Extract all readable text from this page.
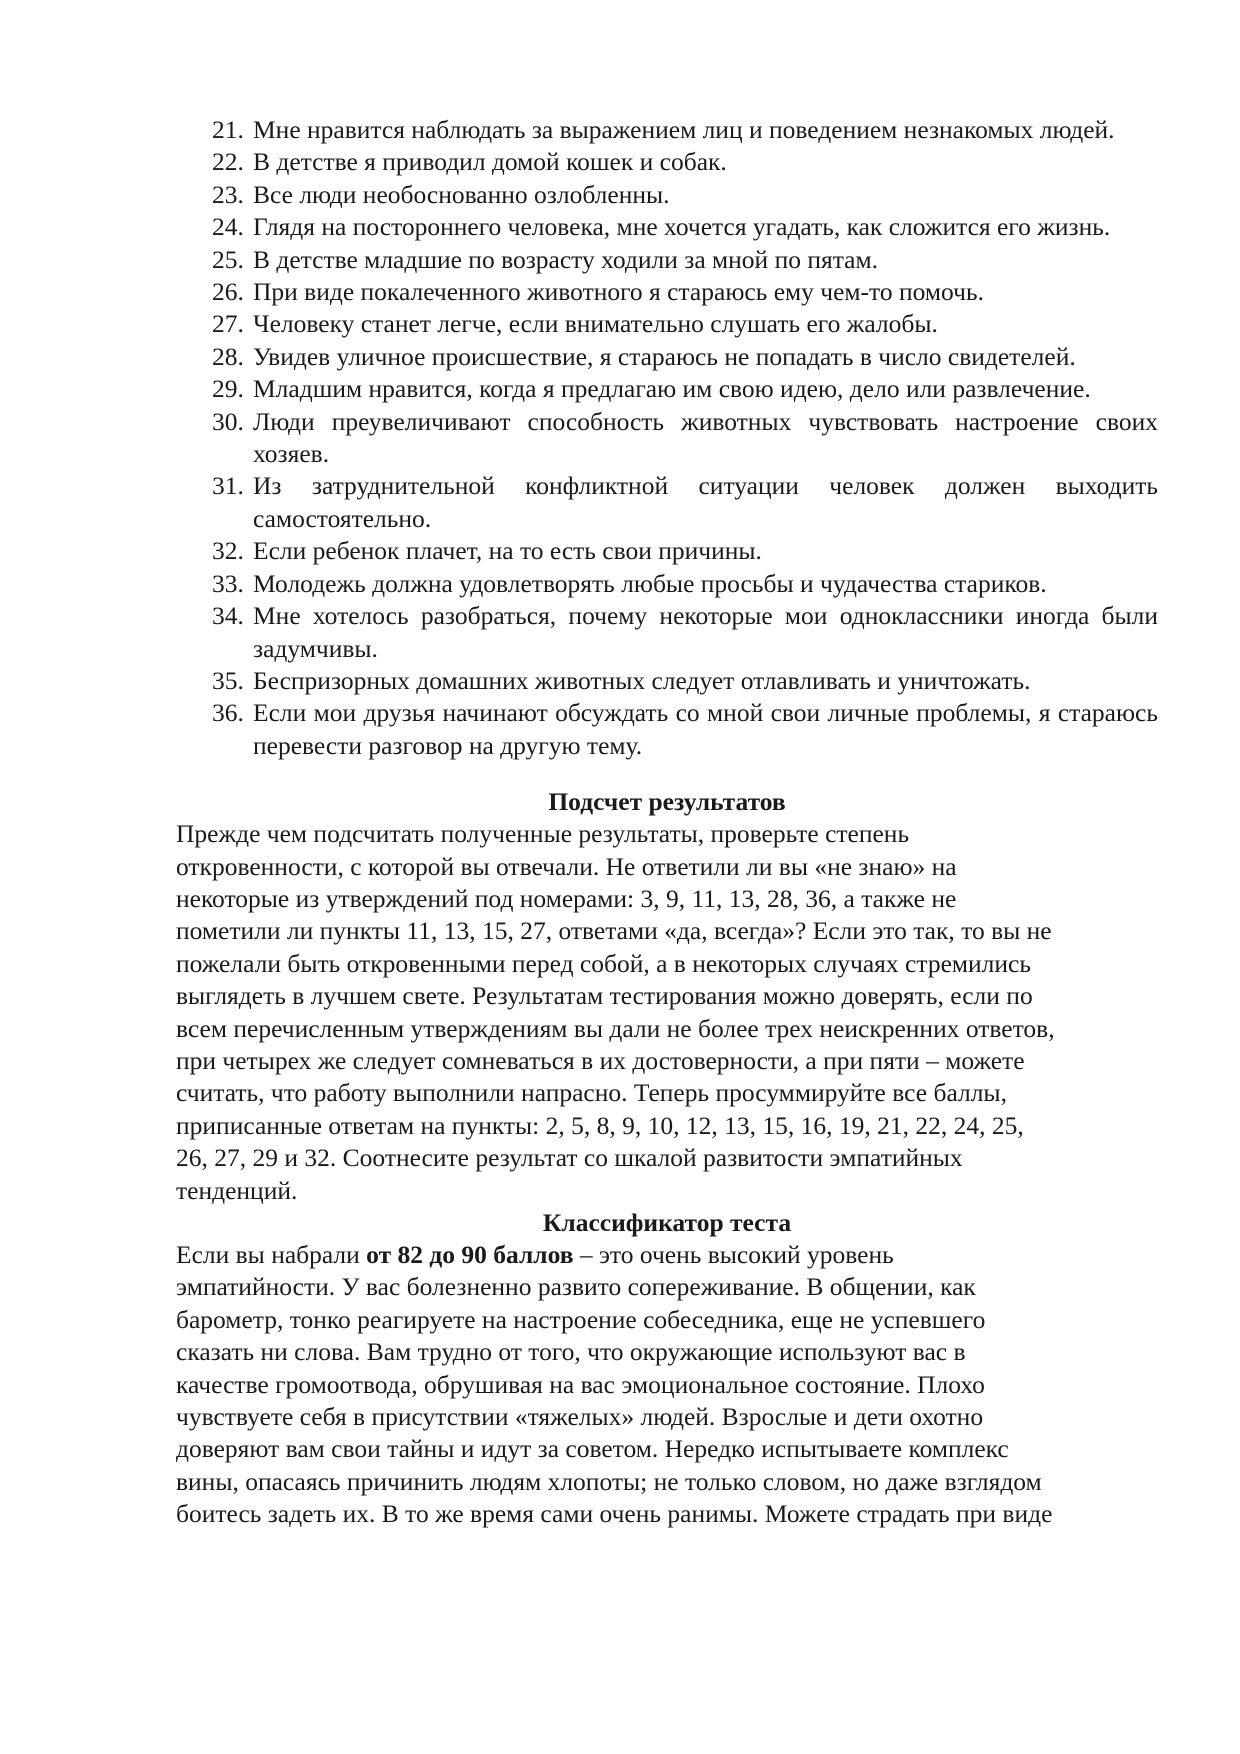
21. Мне нравится наблюдать за выражением лиц и поведением незнакомых людей.
22. В детстве я приводил домой кошек и собак.
23. Все люди необоснованно озлобленны.
24. Глядя на постороннего человека, мне хочется угадать, как сложится его жизнь.
25. В детстве младшие по возрасту ходили за мной по пятам.
26. При виде покалеченного животного я стараюсь ему чем-то помочь.
27. Человеку станет легче, если внимательно слушать его жалобы.
28. Увидев уличное происшествие, я стараюсь не попадать в число свидетелей.
29. Младшим нравится, когда я предлагаю им свою идею, дело или развлечение.
30. Люди преувеличивают способность животных чувствовать настроение своих хозяев.
31. Из затруднительной конфликтной ситуации человек должен выходить самостоятельно.
32. Если ребенок плачет, на то есть свои причины.
33. Молодежь должна удовлетворять любые просьбы и чудачества стариков.
34. Мне хотелось разобраться, почему некоторые мои одноклассники иногда были задумчивы.
35. Беспризорных домашних животных следует отлавливать и уничтожать.
36. Если мои друзья начинают обсуждать со мной свои личные проблемы, я стараюсь перевести разговор на другую тему.
Подсчет результатов

Прежде чем подсчитать полученные результаты, проверьте степень

откровенности, с которой вы отвечали. Не ответили ли вы «не знаю» на

некоторые из утверждений под номерами: 3, 9, 11, 13, 28, 36, а также не

пометили ли пункты 11, 13, 15, 27, ответами «да, всегда»? Если это так, то вы не

пожелали быть откровенными перед собой, а в некоторых случаях стремились

выглядеть в лучшем свете. Результатам тестирования можно доверять, если по

всем перечисленным утверждениям вы дали не более трех неискренних ответов,

при четырех же следует сомневаться в их достоверности, а при пяти – можете

считать, что работу выполнили напрасно. Теперь просуммируйте все баллы,

приписанные ответам на пункты: 2, 5, 8, 9, 10, 12, 13, 15, 16, 19, 21, 22, 24, 25,

26, 27, 29 и 32. Соотнесите результат со шкалой развитости эмпатийных

тенденций.

Классификатор теста

Если вы набрали от 82 до 90 баллов – это очень высокий уровень

эмпатийности. У вас болезненно развито сопереживание. В общении, как

барометр, тонко реагируете на настроение собеседника, еще не успевшего

сказать ни слова. Вам трудно от того, что окружающие используют вас в

качестве громоотвода, обрушивая на вас эмоциональное состояние. Плохо

чувствуете себя в присутствии «тяжелых» людей. Взрослые и дети охотно

доверяют вам свои тайны и идут за советом. Нередко испытываете комплекс

вины, опасаясь причинить людям хлопоты; не только словом, но даже взглядом

боитесь задеть их. В то же время сами очень ранимы. Можете страдать при виде
